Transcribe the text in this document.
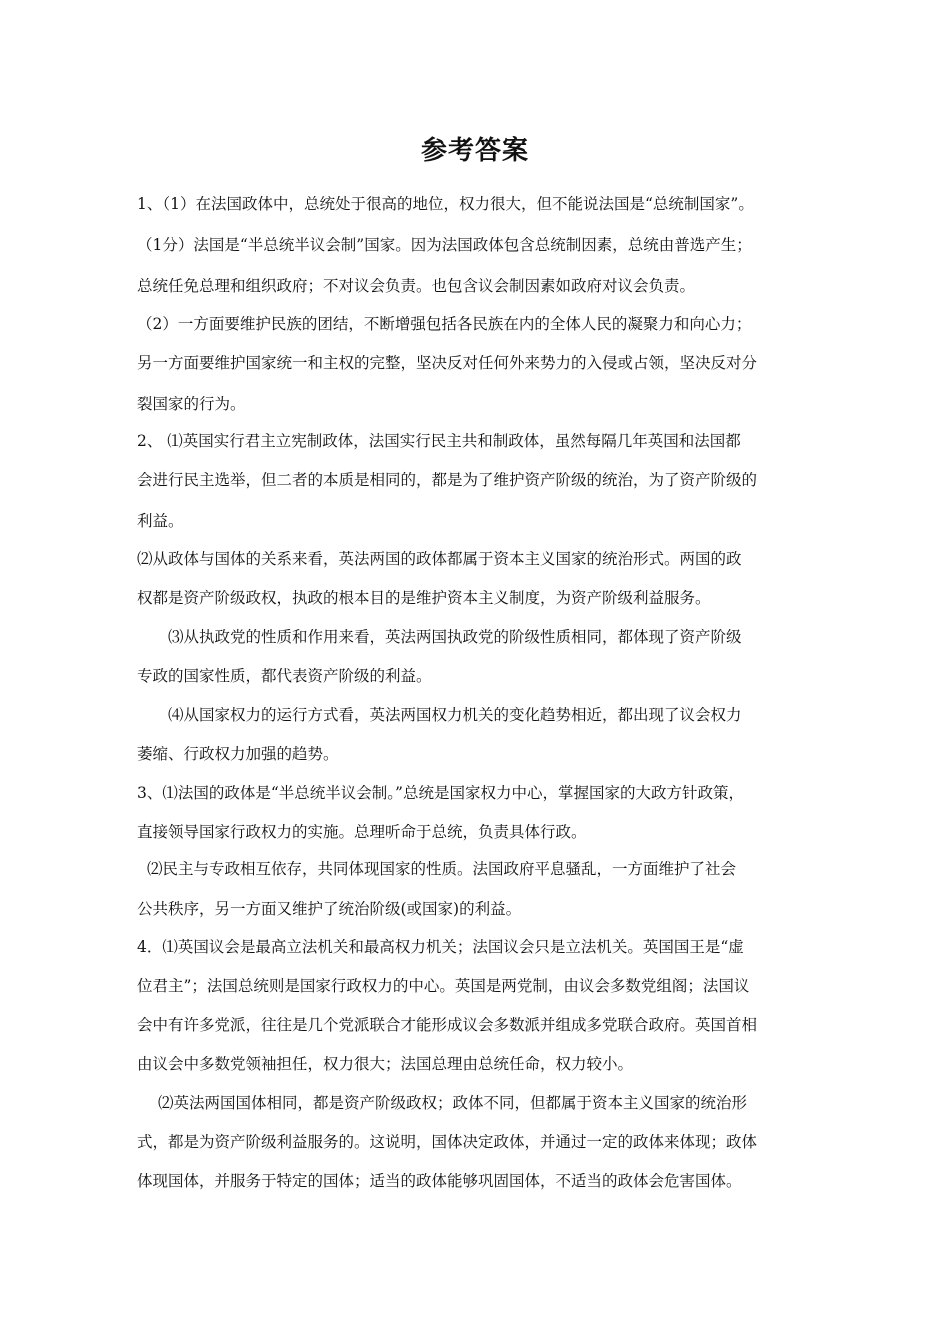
参考答案
1、（1）在法国政体中，总统处于很高的地位，权力很大，但不能说法国是“总统制国家”。
（1分）法国是“半总统半议会制”国家。因为法国政体包含总统制因素，总统由普选产生；
总统任免总理和组织政府；不对议会负责。也包含议会制因素如政府对议会负责。
（2）一方面要维护民族的团结，不断增强包括各民族在内的全体人民的凝聚力和向心力；
另一方面要维护国家统一和主权的完整，坚决反对任何外来势力的入侵或占领，坚决反对分
裂国家的行为。
2、 ⑴英国实行君主立宪制政体，法国实行民主共和制政体，虽然每隔几年英国和法国都
会进行民主选举，但二者的本质是相同的，都是为了维护资产阶级的统治，为了资产阶级的
利益。
⑵从政体与国体的关系来看，英法两国的政体都属于资本主义国家的统治形式。两国的政
权都是资产阶级政权，执政的根本目的是维护资本主义制度，为资产阶级利益服务。
⑶从执政党的性质和作用来看，英法两国执政党的阶级性质相同，都体现了资产阶级
专政的国家性质，都代表资产阶级的利益。
⑷从国家权力的运行方式看，英法两国权力机关的变化趋势相近，都出现了议会权力
萎缩、行政权力加强的趋势。
3、⑴法国的政体是“半总统半议会制。”总统是国家权力中心，掌握国家的大政方针政策，
直接领导国家行政权力的实施。总理听命于总统，负责具体行政。
⑵民主与专政相互依存，共同体现国家的性质。法国政府平息骚乱，一方面维护了社会
公共秩序，另一方面又维护了统治阶级(或国家)的利益。
4．⑴英国议会是最高立法机关和最高权力机关；法国议会只是立法机关。英国国王是“虚
位君主”；法国总统则是国家行政权力的中心。英国是两党制，由议会多数党组阁；法国议
会中有许多党派，往往是几个党派联合才能形成议会多数派并组成多党联合政府。英国首相
由议会中多数党领袖担任，权力很大；法国总理由总统任命，权力较小。
⑵英法两国国体相同，都是资产阶级政权；政体不同，但都属于资本主义国家的统治形
式，都是为资产阶级利益服务的。这说明，国体决定政体，并通过一定的政体来体现；政体
体现国体，并服务于特定的国体；适当的政体能够巩固国体，不适当的政体会危害国体。
